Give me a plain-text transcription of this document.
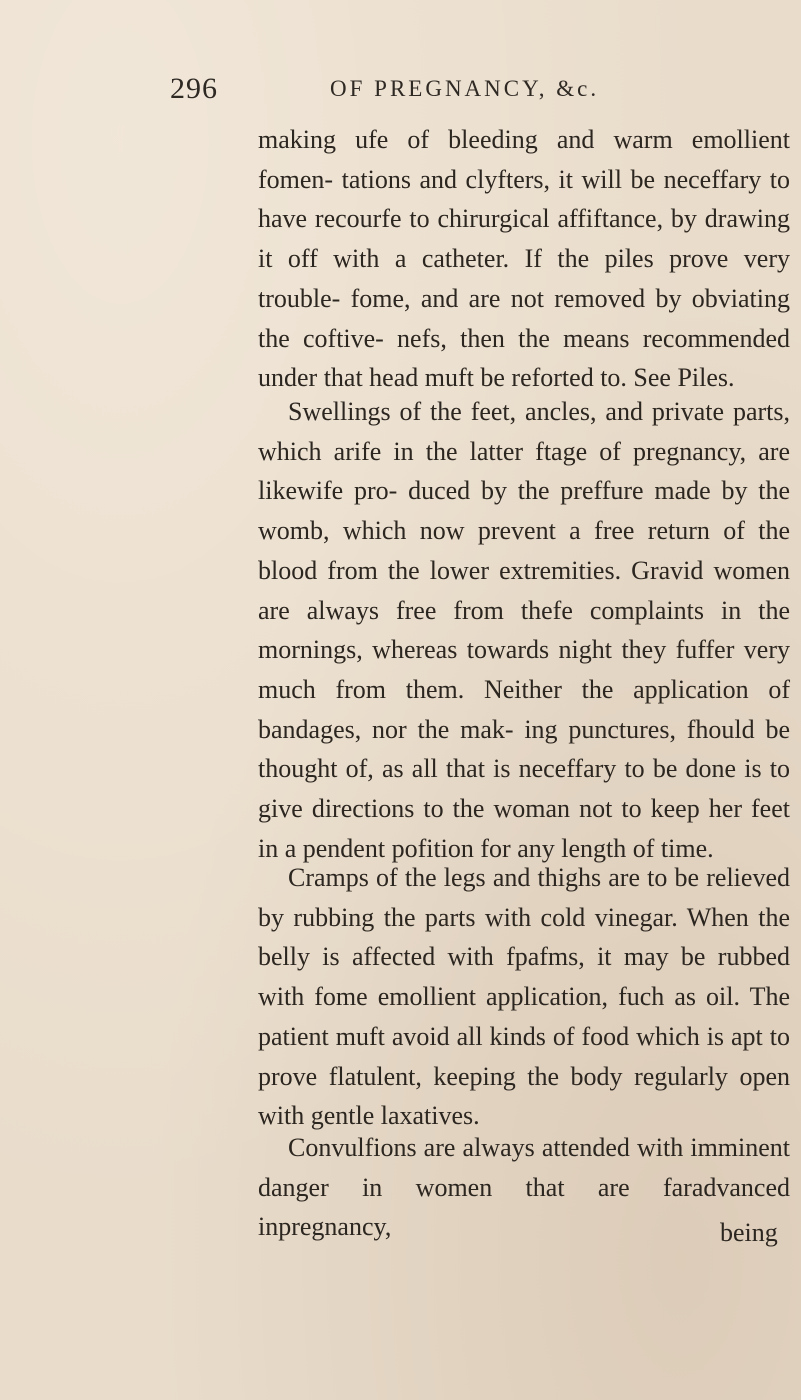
296	OF PREGNANCY, &c.

making ufe of bleeding and warm emollient fomen- tations and clyfters, it will be neceffary to have recourfe to chirurgical affiftance, by drawing it off with a catheter. If the piles prove very trouble- fome, and are not removed by obviating the coftive- nefs, then the means recommended under that head muft be reforted to. See Piles.

Swellings of the feet, ancles, and private parts, which arife in the latter ftage of pregnancy, are likewife pro- duced by the preffure made by the womb, which now prevent a free return of the blood from the lower extremities. Gravid women are always free from thefe complaints in the mornings, whereas towards night they fuffer very much from them. Neither the application of bandages, nor the mak- ing punctures, fhould be thought of, as all that is neceffary to be done is to give directions to the woman not to keep her feet in a pendent pofition for any length of time.

Cramps of the legs and thighs are to be relieved by rubbing the parts with cold vinegar. When the belly is affected with fpafms, it may be rubbed with fome emollient application, fuch as oil. The patient muft avoid all kinds of food which is apt to prove flatulent, keeping the body regularly open with gentle laxatives.

Convulfions are always attended with imminent danger in women that are faradvanced inpregnancy,	being
